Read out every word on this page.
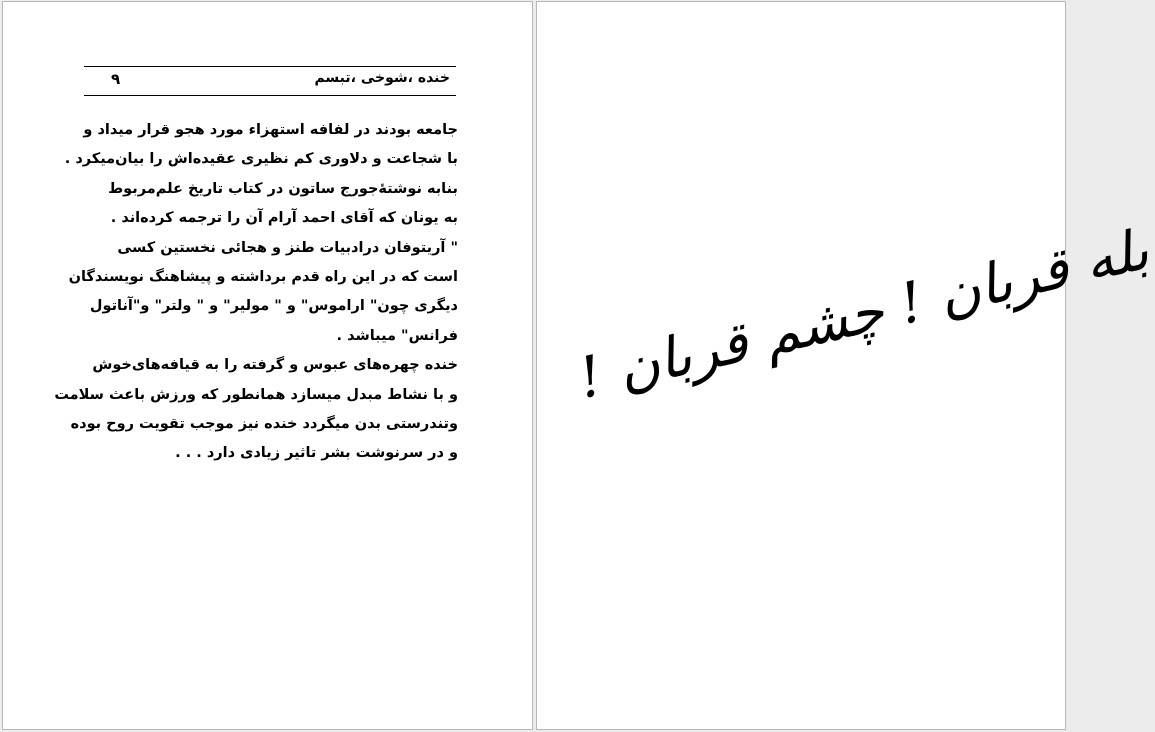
خنده ،شوخی ،تبسم
۹
جامعه بودند در لفافه استهزاء مورد هجو قرار میداد و
با شجاعت و دلاوری کم نظیری عقیده‌اش را بیان‌میکرد .
بنابه نوشته‌ٔجورج ساتون در کتاب تاریخ علم‌مربوط
به یونان که آقای احمد آرام آن را ترجمه کرده‌اند .
" آریتوفان درادبیات طنز و هجائی نخستین کسی
است که در این راه قدم برداشته و پیشاهنگ نویسندگان
دیگری چون" اراموس" و " مولیر" و " ولتر" و"آناتول
فرانس" میباشد .
خنده چهره‌های عبوس و گرفته را به قیافه‌های‌خوش
و با نشاط مبدل میسازد همانطور که ورزش باعث سلامت
وتندرستی بدن میگردد خنده نیز موجب تقویت روح بوده
و در سرنوشت بشر تاثیر زیادی دارد . . .
بله قربان ! چشم قربان !
